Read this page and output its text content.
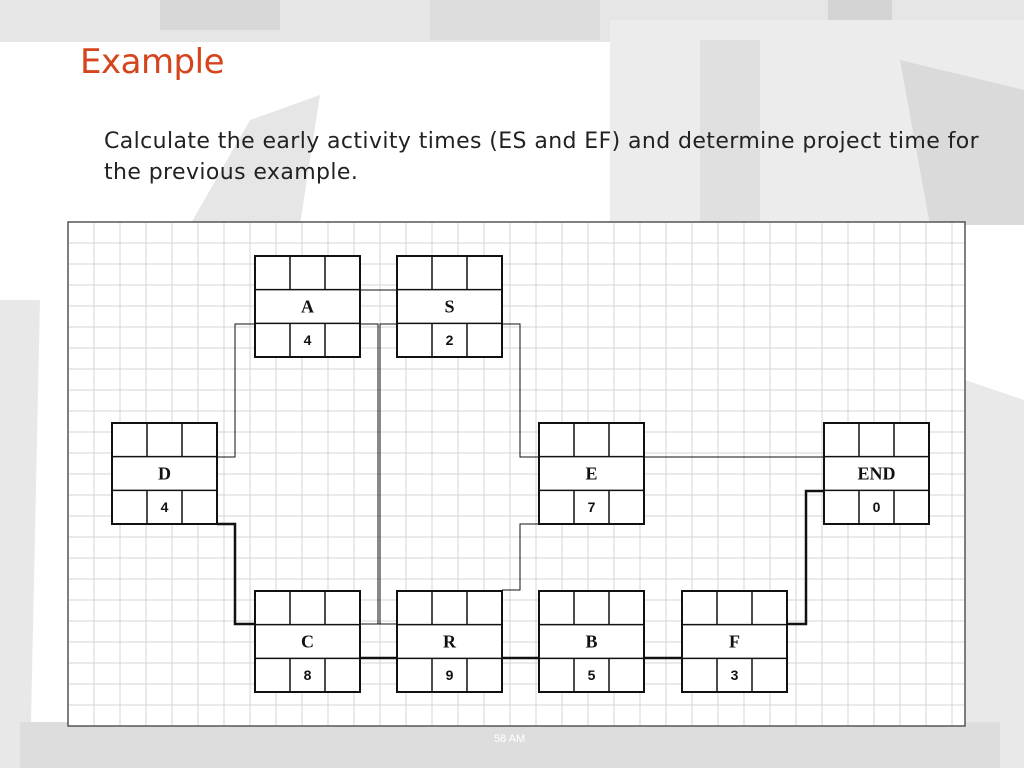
Example
Calculate the early activity times (ES and EF) and determine project time for the previous example.
A
4
S
2
D
4
E
7
END
0
C
8
R
9
B
5
F
3
58 AM
